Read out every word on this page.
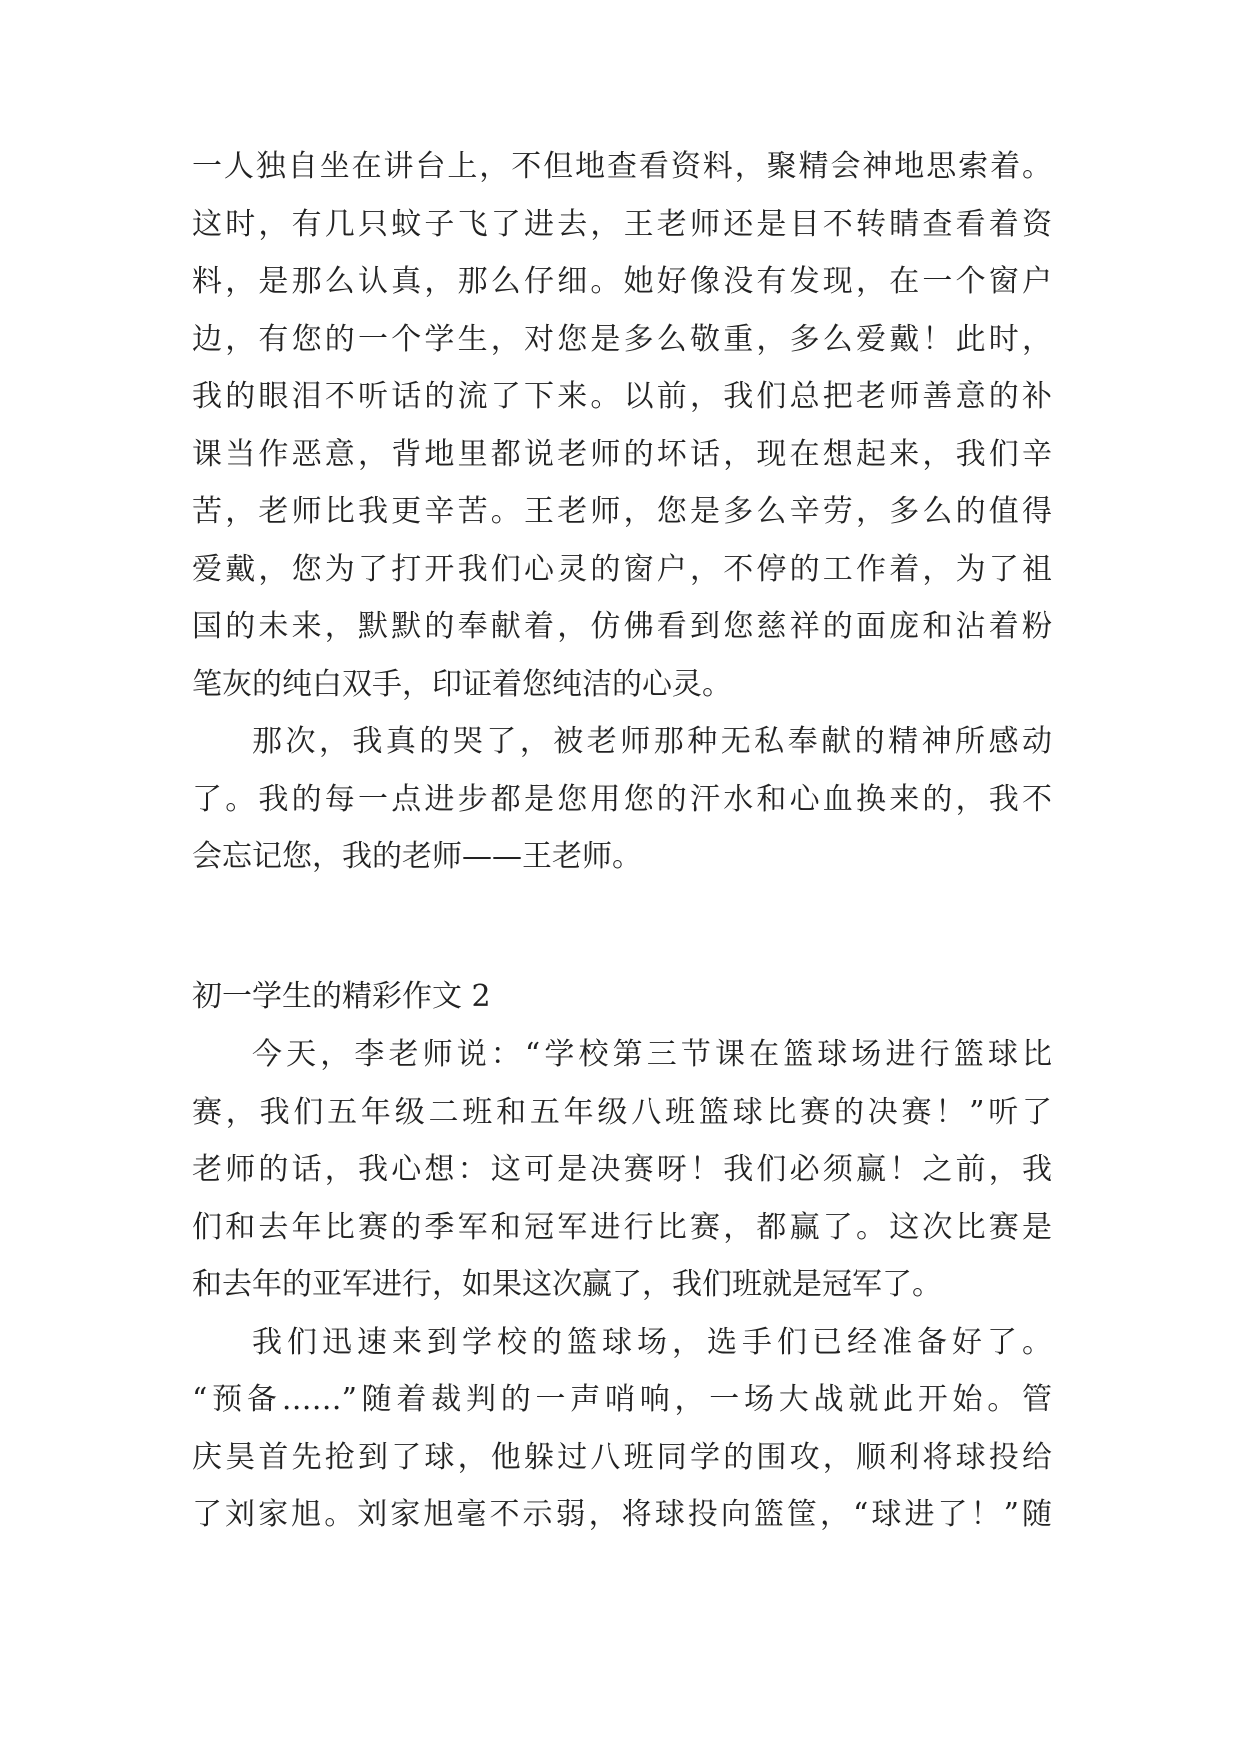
一人独自坐在讲台上，不但地查看资料，聚精会神地思索着。
这时，有几只蚊子飞了进去，王老师还是目不转睛查看着资
料，是那么认真，那么仔细。她好像没有发现，在一个窗户
边，有您的一个学生，对您是多么敬重，多么爱戴！此时，
我的眼泪不听话的流了下来。以前，我们总把老师善意的补
课当作恶意，背地里都说老师的坏话，现在想起来，我们辛
苦，老师比我更辛苦。王老师，您是多么辛劳，多么的值得
爱戴，您为了打开我们心灵的窗户，不停的工作着，为了祖
国的未来，默默的奉献着，仿佛看到您慈祥的面庞和沾着粉
笔灰的纯白双手，印证着您纯洁的心灵。

那次，我真的哭了，被老师那种无私奉献的精神所感动
了。我的每一点进步都是您用您的汗水和心血换来的，我不
会忘记您，我的老师——王老师。

初一学生的精彩作文 2

今天，李老师说：“学校第三节课在篮球场进行篮球比
赛，我们五年级二班和五年级八班篮球比赛的决赛！”听了
老师的话，我心想：这可是决赛呀！我们必须赢！之前，我
们和去年比赛的季军和冠军进行比赛，都赢了。这次比赛是
和去年的亚军进行，如果这次赢了，我们班就是冠军了。

我们迅速来到学校的篮球场，选手们已经准备好了。
“预备……”随着裁判的一声哨响，一场大战就此开始。管
庆昊首先抢到了球，他躲过八班同学的围攻，顺利将球投给
了刘家旭。刘家旭毫不示弱，将球投向篮筐，“球进了！”随
